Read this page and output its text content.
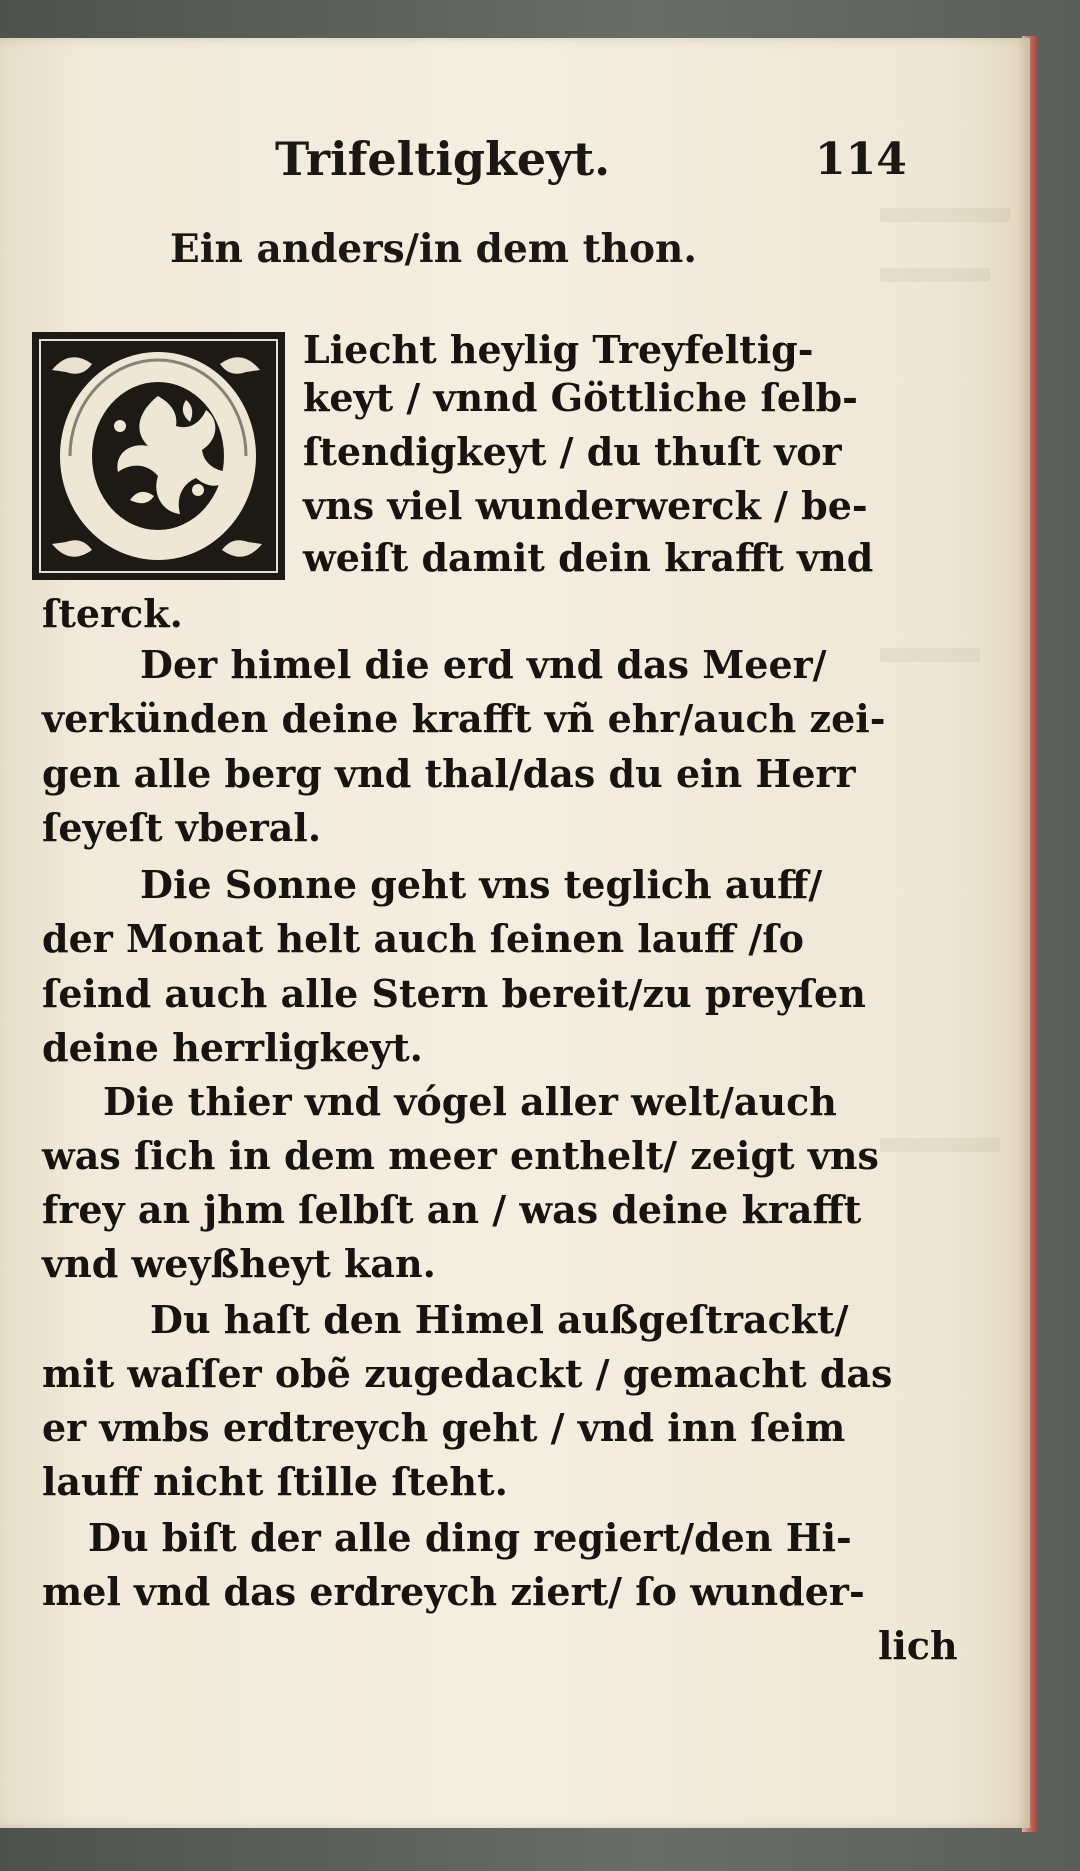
Trifeltigkeyt.	114
Ein anders/in dem thon.
Liecht heylig Treyfeltig-
keyt / vnnd Göttliche ſelb-
ſtendigkeyt / du thuſt vor
vns viel wunderwerck / be-
weiſt damit dein krafft vnd
ſterck.
Der himel die erd vnd das Meer/
verkünden deine krafft vñ ehr/auch zei-
gen alle berg vnd thal/das du ein Herr
ſeyeſt vberal.
Die Sonne geht vns teglich auff/
der Monat helt auch ſeinen lauff /ſo
ſeind auch alle Stern bereit/zu preyſen
deine herrligkeyt.
Die thier vnd vógel aller welt/auch
was ſich in dem meer enthelt/ zeigt vns
frey an jhm ſelbſt an / was deine krafft
vnd weyßheyt kan.
Du haſt den Himel außgeſtrackt/
mit waſſer obẽ zugedackt / gemacht das
er vmbs erdtreych geht / vnd inn ſeim
lauff nicht ſtille ſteht.
Du biſt der alle ding regiert/den Hi-
mel vnd das erdreych ziert/ ſo wunder-
lich
